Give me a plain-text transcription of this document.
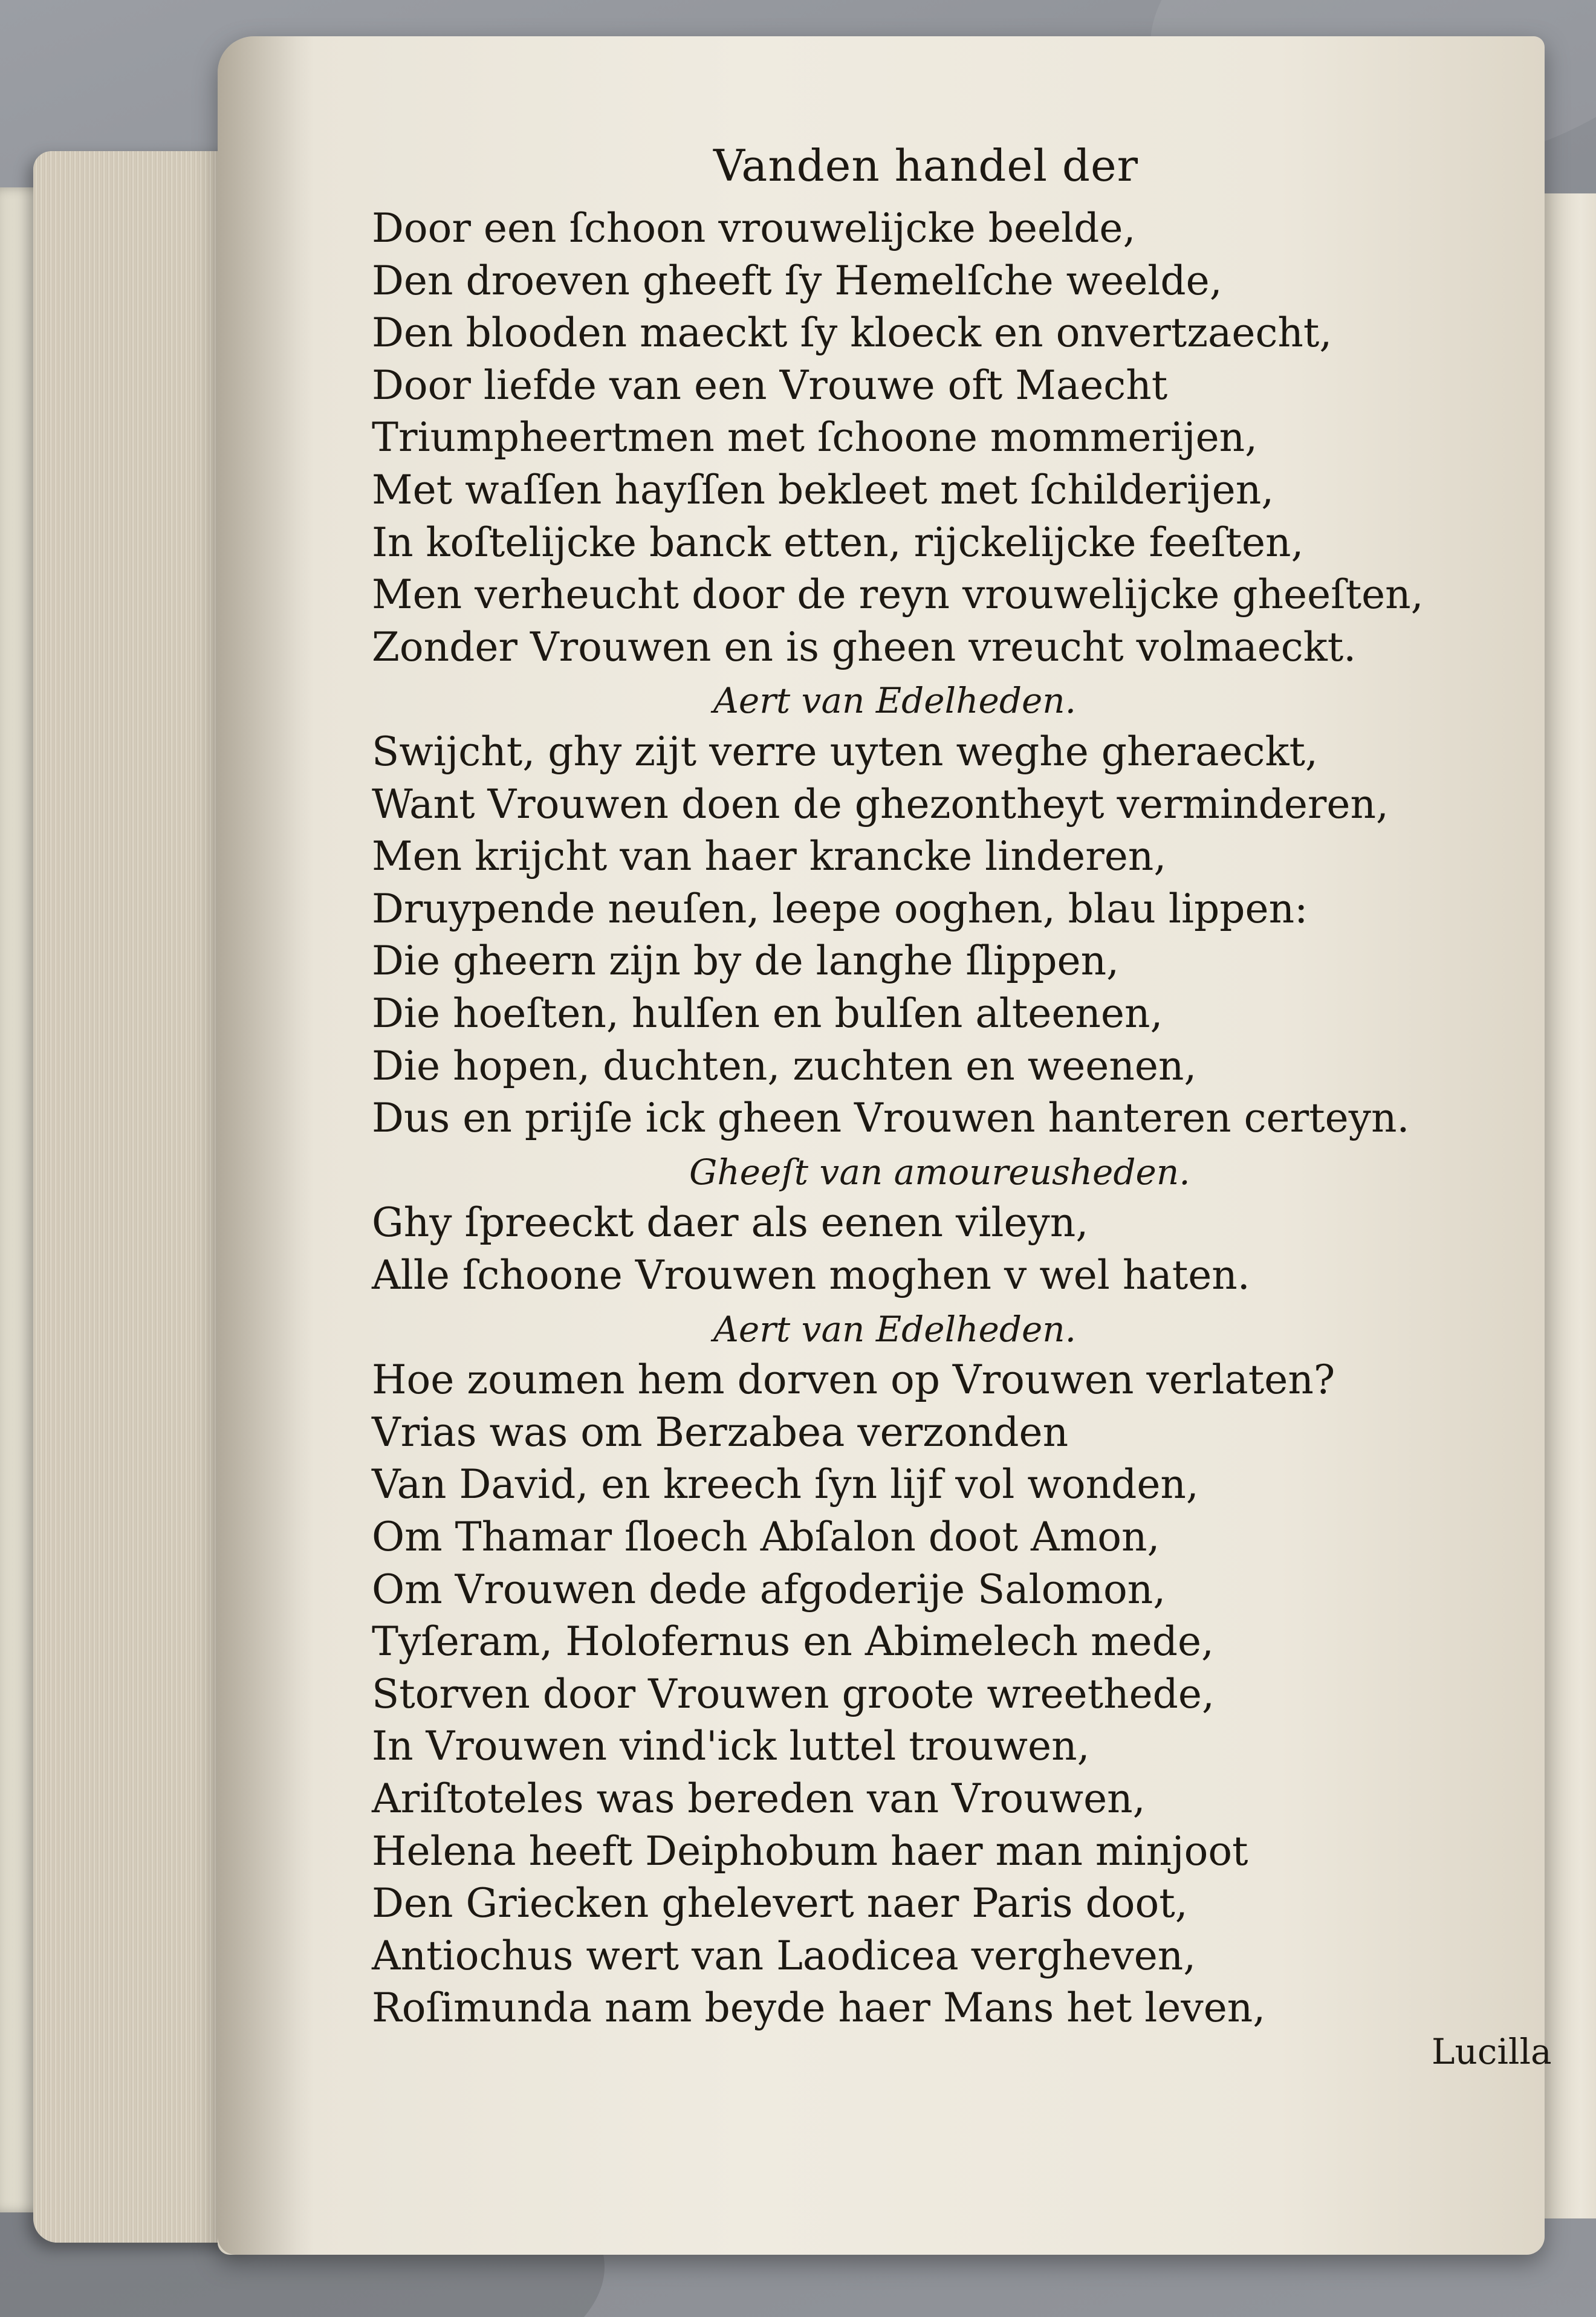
Vanden handel der
Door een ſchoon vrouwelijcke beelde,
Den droeven gheeft ſy Hemelſche weelde,
Den blooden maeckt ſy kloeck en onvertzaecht,
Door liefde van een Vrouwe oft Maecht
Triumpheertmen met ſchoone mommerijen,
Met waſſen hayſſen bekleet met ſchilderijen,
In koſtelijcke banck etten, rijckelijcke feeſten,
Men verheucht door de reyn vrouwelijcke gheeſten,
Zonder Vrouwen en is gheen vreucht volmaeckt.
Aert van Edelheden.
Swijcht, ghy zijt verre uyten weghe gheraeckt,
Want Vrouwen doen de ghezontheyt verminderen,
Men krijcht van haer krancke linderen,
Druypende neuſen, leepe ooghen, blau lippen:
Die gheern zijn by de langhe ſlippen,
Die hoeſten, hulſen en bulſen alteenen,
Die hopen, duchten, zuchten en weenen,
Dus en prijſe ick gheen Vrouwen hanteren certeyn.
Gheeſt van amoureusheden.
Ghy ſpreeckt daer als eenen vileyn,
Alle ſchoone Vrouwen moghen v wel haten.
Aert van Edelheden.
Hoe zoumen hem dorven op Vrouwen verlaten?
Vrias was om Berzabea verzonden
Van David, en kreech ſyn lijf vol wonden,
Om Thamar ſloech Abſalon doot Amon,
Om Vrouwen dede afgoderije Salomon,
Tyſeram, Holofernus en Abimelech mede,
Storven door Vrouwen groote wreethede,
In Vrouwen vind'ick luttel trouwen,
Ariſtoteles was bereden van Vrouwen,
Helena heeft Deiphobum haer man minjoot
Den Griecken ghelevert naer Paris doot,
Antiochus wert van Laodicea vergheven,
Roſimunda nam beyde haer Mans het leven,
Lucilla
